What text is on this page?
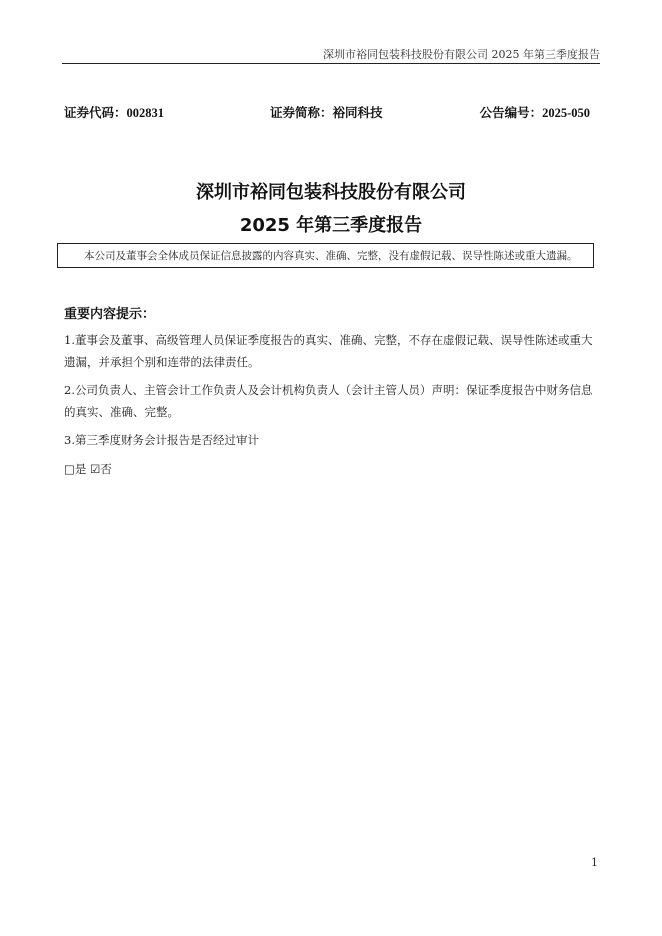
深圳市裕同包装科技股份有限公司 2025 年第三季度报告
证券代码：002831	证券简称：裕同科技	公告编号：2025-050
深圳市裕同包装科技股份有限公司
2025 年第三季度报告
本公司及董事会全体成员保证信息披露的内容真实、准确、完整，没有虚假记载、误导性陈述或重大遗漏。
重要内容提示：
1.董事会及董事、高级管理人员保证季度报告的真实、准确、完整，不存在虚假记载、误导性陈述或重大遗漏，并承担个别和连带的法律责任。
2.公司负责人、主管会计工作负责人及会计机构负责人（会计主管人员）声明：保证季度报告中财务信息的真实、准确、完整。
3.第三季度财务会计报告是否经过审计
□是 ☑否
1
